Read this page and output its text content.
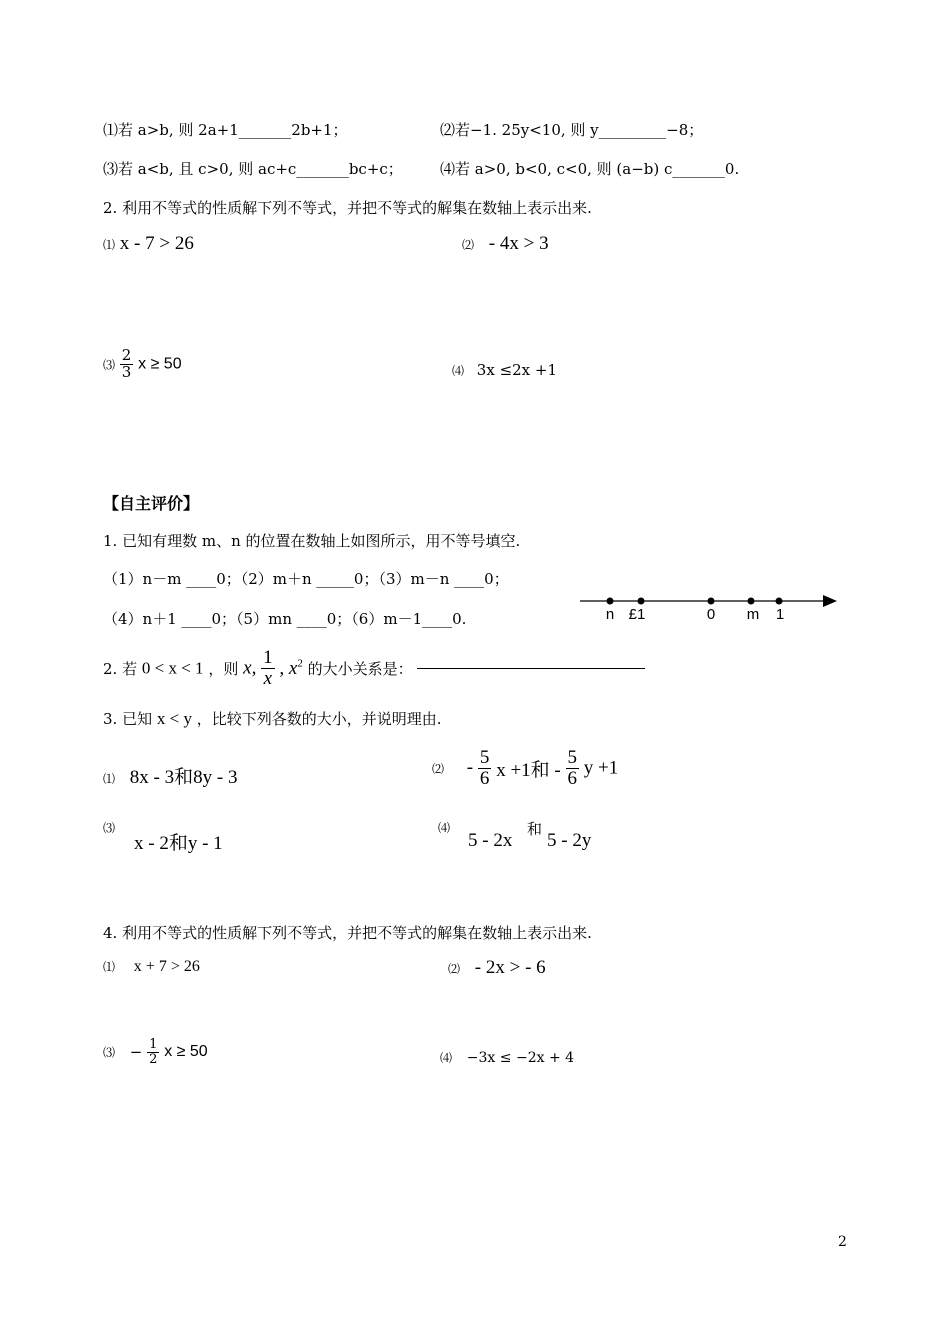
⑴若 a>b, 则 2a+1_______2b+1；	⑵若−1. 25y<10, 则 y_________−8；
⑶若 a<b, 且 c>0, 则 ac+c_______bc+c； ⑷若 a>0, b<0, c<0, 则 (a−b) c_______0.
2. 利用不等式的性质解下列不等式，并把不等式的解集在数轴上表示出来.
⑴ x - 7 > 26	⑵ - 4x > 3
⑶ $\frac{2}{3}$ x ≥ 50	⑷ 3x ≤2x +1
【自主评价】
1. 已知有理数 m、n 的位置在数轴上如图所示，用不等号填空.
（1）n－m ____0；（2）m＋n _____0；（3）m－n ____0；
（4）n＋1 ____0；（5）mn ____0；（6）m－1____0.	n £1	0 m 1
2. 若 0 < x < 1 ，则 x, $\frac{1}{x}$ , $x^2$ 的大小关系是：
3. 已知 x < y ，比较下列各数的大小，并说明理由.
⑴ 8x - 3和8y - 3	⑵ - $\frac{5}{6}$ x +1和 - $\frac{5}{6}$ y +1
⑶
x - 2和y - 1
⑷
5 - 2x
和
5 - 2y
4. 利用不等式的性质解下列不等式，并把不等式的解集在数轴上表示出来.
⑴ x + 7 > 26	⑵ - 2x > - 6
⑶ − $\frac{1}{2}$ x ≥ 50	⑷ −3x ≤ −2x + 4
2
